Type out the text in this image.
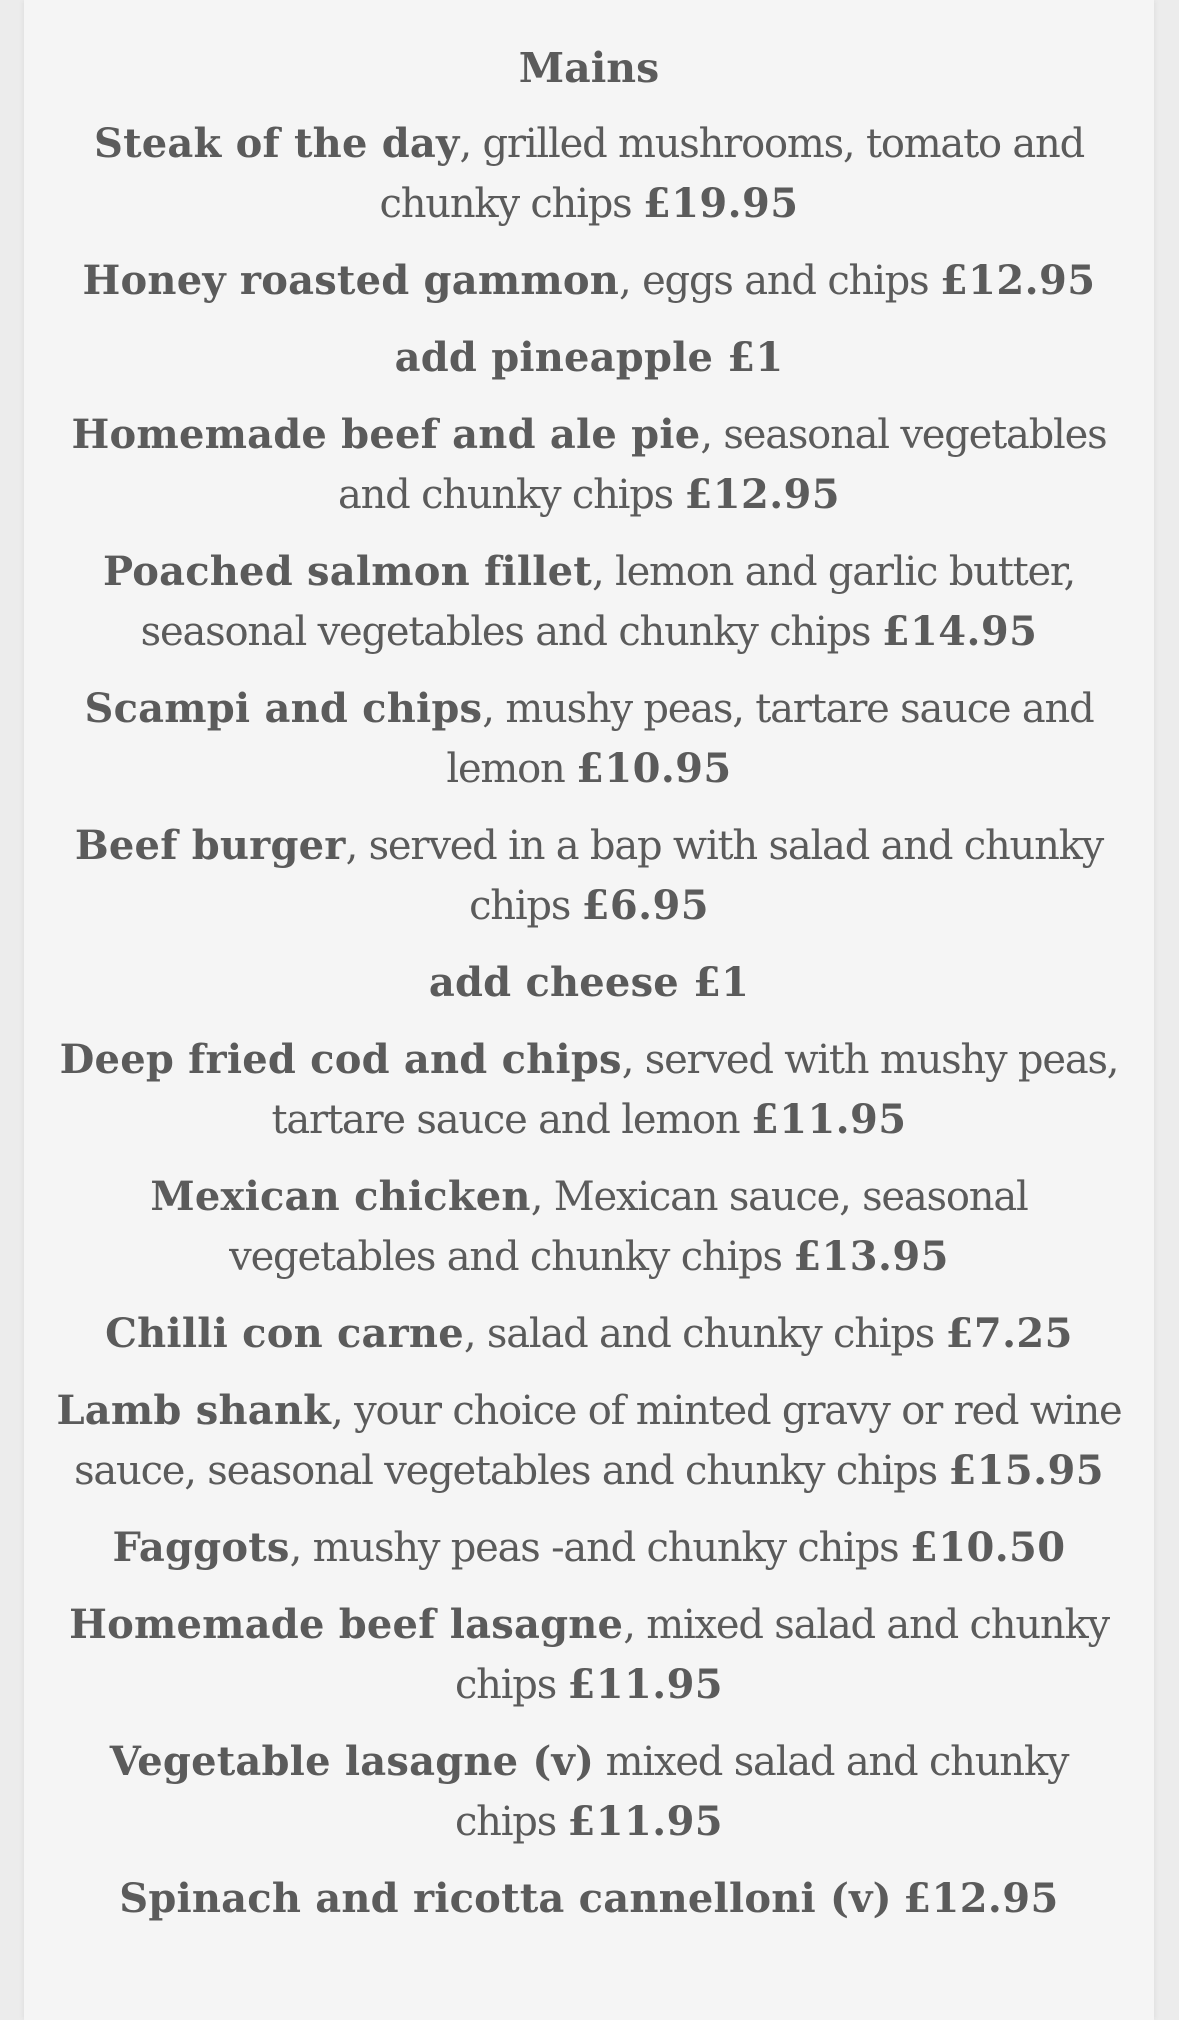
Mains
Steak of the day, grilled mushrooms, tomato and chunky chips £19.95
Honey roasted gammon, eggs and chips £12.95
add pineapple £1
Homemade beef and ale pie, seasonal vegetables and chunky chips £12.95
Poached salmon fillet, lemon and garlic butter, seasonal vegetables and chunky chips £14.95
Scampi and chips, mushy peas, tartare sauce and lemon £10.95
Beef burger, served in a bap with salad and chunky chips £6.95
add cheese £1
Deep fried cod and chips, served with mushy peas, tartare sauce and lemon £11.95
Mexican chicken, Mexican sauce, seasonal vegetables and chunky chips £13.95
Chilli con carne, salad and chunky chips £7.25
Lamb shank, your choice of minted gravy or red wine sauce, seasonal vegetables and chunky chips £15.95
Faggots, mushy peas -and chunky chips £10.50
Homemade beef lasagne, mixed salad and chunky chips £11.95
Vegetable lasagne (v) mixed salad and chunky chips £11.95
Spinach and ricotta cannelloni (v) £12.95
